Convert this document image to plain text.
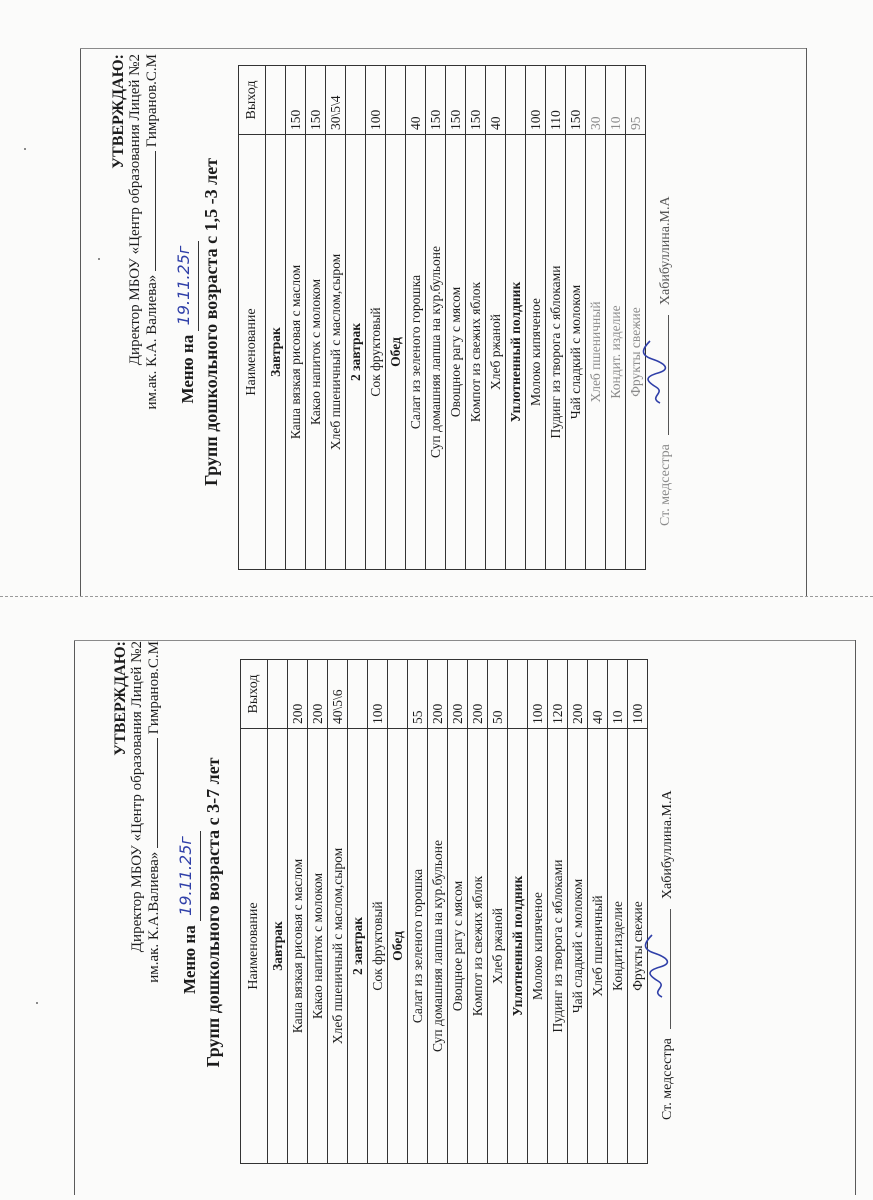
УТВЕРЖДАЮ: Директор МБОУ «Центр образования Лицей №2 им.ак. К.А. Валиева»  Гимранов.С.М
Меню на 19.11.25г Групп дошкольного возраста с 1,5 -3 лет Наименование	Выход
Завтрак	
Каша вязкая рисовая с маслом	150
Какао напиток с молоком	150
Хлеб пшеничный с маслом,сыром	30\5\4
2 завтрак	
Сок фруктовый	100
Обед	
Салат из зеленого горошка	40
Суп домашняя лапша на кур.бульоне	150
Овощное рагу с мясом	150
Компот из свежих яблок	150
Хлеб ржаной	40
Уплотненный полдник	
Молоко кипяченое	100
Пудинг из творога с яблоками	110
Чай сладкий с молоком	150
Хлеб пшеничный	30
Кондит. изделие	10
Фрукты свежие	95
Ст. медсестра
Хабибуллина.М.А
УТВЕРЖДАЮ: Директор МБОУ «Центр образования Лицей №2 им.ак. К.А.Валиева»  Гимранов.С.М
Меню на 19.11.25г Групп дошкольного возраста с 3-7 лет Наименование	Выход
Завтрак	
Каша вязкая рисовая с маслом	200
Какао напиток с молоком	200
Хлеб пшеничный с маслом,сыром	40\5\6
2 завтрак	
Сок фруктовый	100
Обед	
Салат из зеленого горошка	55
Суп домашняя лапша на кур.бульоне	200
Овощное рагу с мясом	200
Компот из свежих яблок	200
Хлеб ржаной	50
Уплотненный полдник	
Молоко кипяченое	100
Пудинг из творога с яблоками	120
Чай сладкий с молоком	200
Хлеб пшеничный	40
Кондит.изделие	10
Фрукты свежие	100
Ст. медсестра
Хабибуллина.М.А
